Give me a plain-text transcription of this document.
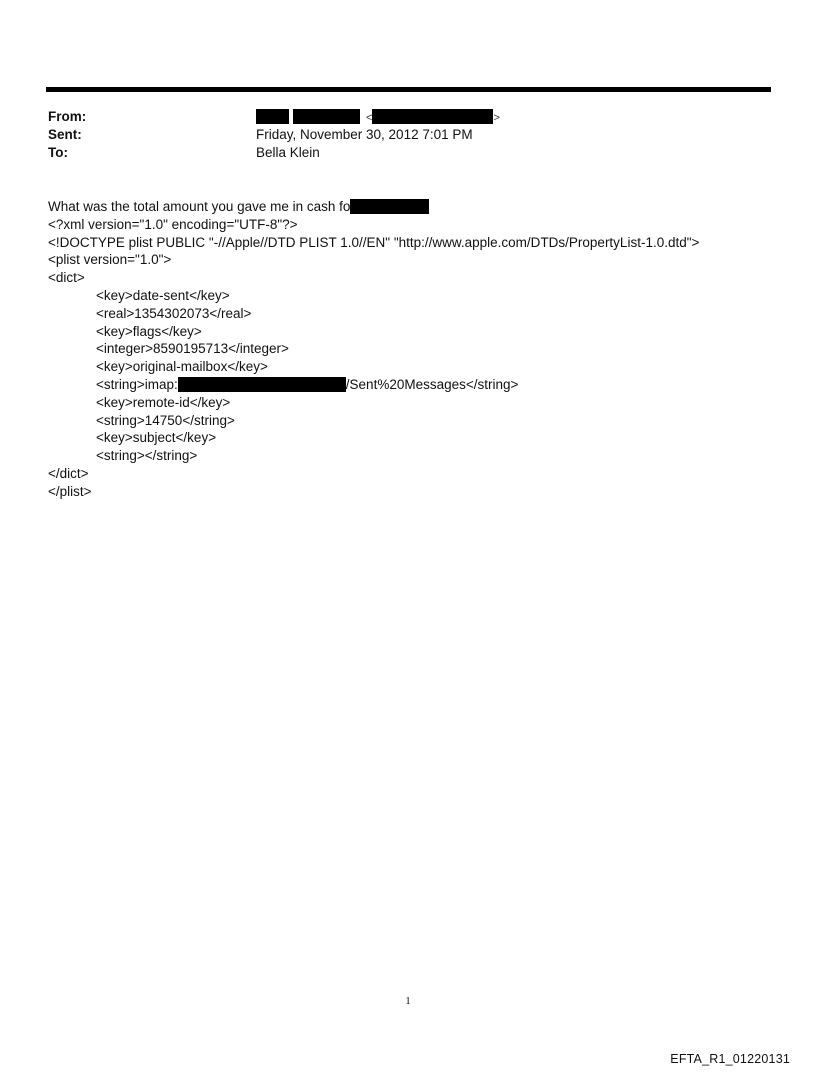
From:	<	>
Sent:	Friday, November 30, 2012 7:01 PM
To:	Bella Klein
What was the total amount you gave me in cash fo
<?xml version="1.0" encoding="UTF-8"?>
<!DOCTYPE plist PUBLIC "-//Apple//DTD PLIST 1.0//EN" "http://www.apple.com/DTDs/PropertyList-1.0.dtd">
<plist version="1.0">
<dict>
<key>date-sent</key>
<real>1354302073</real>
<key>flags</key>
<integer>8590195713</integer>
<key>original-mailbox</key>
<string>imap:	/Sent%20Messages</string>
<key>remote-id</key>
<string>14750</string>
<key>subject</key>
<string></string>
</dict>
</plist>
1
EFTA_R1_01220131
